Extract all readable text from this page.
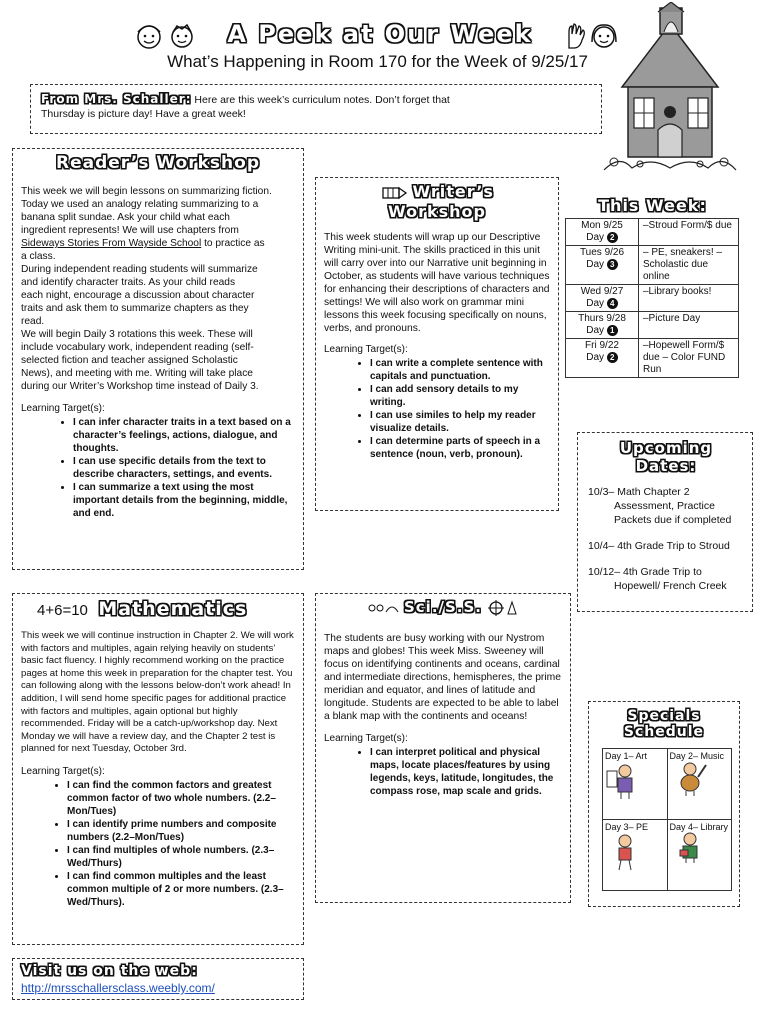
A Peek at Our Week
What’s Happening in Room 170 for the Week of 9/25/17
From Mrs. Schaller: Here are this week’s curriculum notes. Don’t forget that
Thursday is picture day! Have a great week!
Reader’s Workshop

This week we will begin lessons on summarizing fiction.

Today we used an analogy relating summarizing to a

banana split sundae. Ask your child what each

ingredient represents! We will use chapters from

Sideways Stories From Wayside School to practice as

a class.

During independent reading students will summarize

and identify character traits. As your child reads

each night, encourage a discussion about character

traits and ask them to summarize chapters as they

read.

We will begin Daily 3 rotations this week. These will

include vocabulary work, independent reading (self-

selected fiction and teacher assigned Scholastic

News), and meeting with me. Writing will take place

during our Writer’s Workshop time instead of Daily 3.

Learning Target(s):

• I can infer character traits in a text based on a character’s feelings, actions, dialogue, and thoughts.
• I can use specific details from the text to describe characters, settings, and events.
• I can summarize a text using the most important details from the beginning, middle, and end.
Writer’s
Workshop

This week students will wrap up our Descriptive Writing mini-unit. The skills practiced in this unit will carry over into our Narrative unit beginning in October, as students will have various techniques for enhancing their descriptions of characters and settings! We will also work on grammar mini lessons this week focusing specifically on nouns, verbs, and pronouns.

Learning Target(s):

• I can write a complete sentence with capitals and punctuation.
• I can add sensory details to my writing.
• I can use similes to help my reader visualize details.
• I can determine parts of speech in a sentence (noun, verb, pronoun).
This Week:
Mon 9/25
Day 2	–Stroud Form/$ due
Tues 9/26
Day 3	– PE, sneakers! – Scholastic due online
Wed 9/27
Day 4	–Library books!
Thurs 9/28
Day 1	–Picture Day
Fri 9/22
Day 2	–Hopewell Form/$ due – Color FUND Run
Upcoming
Dates:
10/3– Math Chapter 2 Assessment, Practice Packets due if completed
10/4– 4th Grade Trip to Stroud
10/12– 4th Grade Trip to Hopewell/ French Creek
4+6=10 Mathematics

This week we will continue instruction in Chapter 2. We will work with factors and multiples, again relying heavily on students’ basic fact fluency. I highly recommend working on the practice pages at home this week in preparation for the chapter test. You can following along with the lessons below-don’t work ahead! In addition, I will send home specific pages for additional practice with factors and multiples, again optional but highly recommended. Friday will be a catch-up/workshop day. Next Monday we will have a review day, and the Chapter 2 test is planned for next Tuesday, October 3rd.

Learning Target(s):

• I can find the common factors and greatest common factor of two whole numbers. (2.2–Mon/Tues)
• I can identify prime numbers and composite numbers (2.2–Mon/Tues)
• I can find multiples of whole numbers. (2.3–Wed/Thurs)
• I can find common multiples and the least common multiple of 2 or more numbers. (2.3–Wed/Thurs).
Sci./S.S.

The students are busy working with our Nystrom maps and globes! This week Miss. Sweeney will focus on identifying continents and oceans, cardinal and intermediate directions, hemispheres, the prime meridian and equator, and lines of latitude and longitude. Students are expected to be able to label a blank map with the continents and oceans!

Learning Target(s):

• I can interpret political and physical maps, locate places/features by using legends, keys, latitude, longitudes, the compass rose, map scale and grids.
Specials
Schedule
Day 1– Art	Day 2– Music

Day 3– PE	Day 4– Library
Visit us on the web:
http://mrsschallersclass.weebly.com/
